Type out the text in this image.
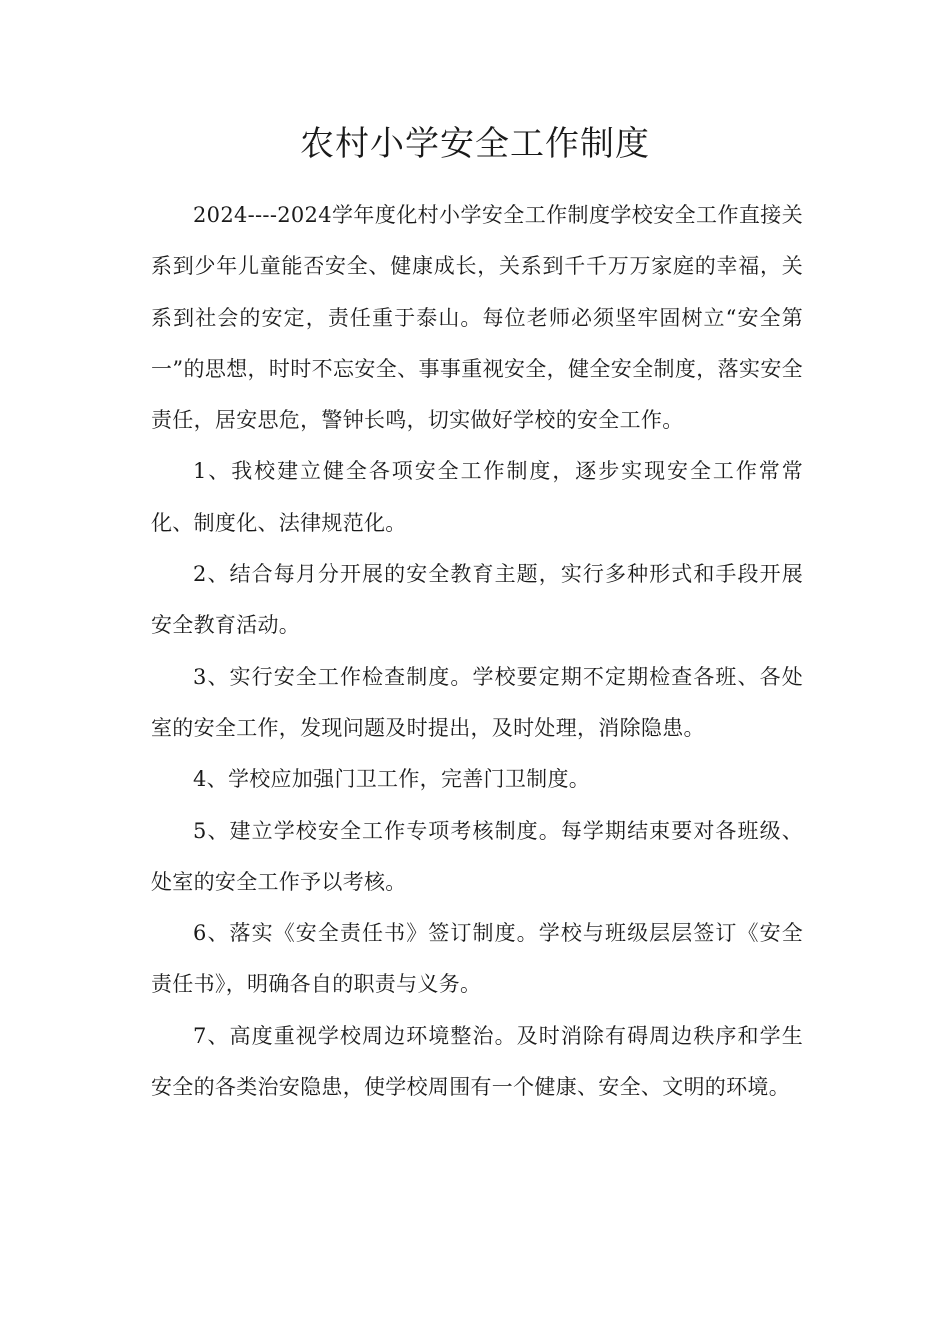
农村小学安全工作制度

2024----2024学年度化村小学安全工作制度学校安全工作直接关系到少年儿童能否安全、健康成长，关系到千千万万家庭的幸福，关系到社会的安定，责任重于泰山。每位老师必须坚牢固树立“安全第一”的思想，时时不忘安全、事事重视安全，健全安全制度，落实安全责任，居安思危，警钟长鸣，切实做好学校的安全工作。

1、我校建立健全各项安全工作制度，逐步实现安全工作常常化、制度化、法律规范化。

2、结合每月分开展的安全教育主题，实行多种形式和手段开展安全教育活动。

3、实行安全工作检查制度。学校要定期不定期检查各班、各处室的安全工作，发现问题及时提出，及时处理，消除隐患。

4、学校应加强门卫工作，完善门卫制度。

5、建立学校安全工作专项考核制度。每学期结束要对各班级、处室的安全工作予以考核。

6、落实《安全责任书》签订制度。学校与班级层层签订《安全责任书》，明确各自的职责与义务。

7、高度重视学校周边环境整治。及时消除有碍周边秩序和学生安全的各类治安隐患，使学校周围有一个健康、安全、文明的环境。
